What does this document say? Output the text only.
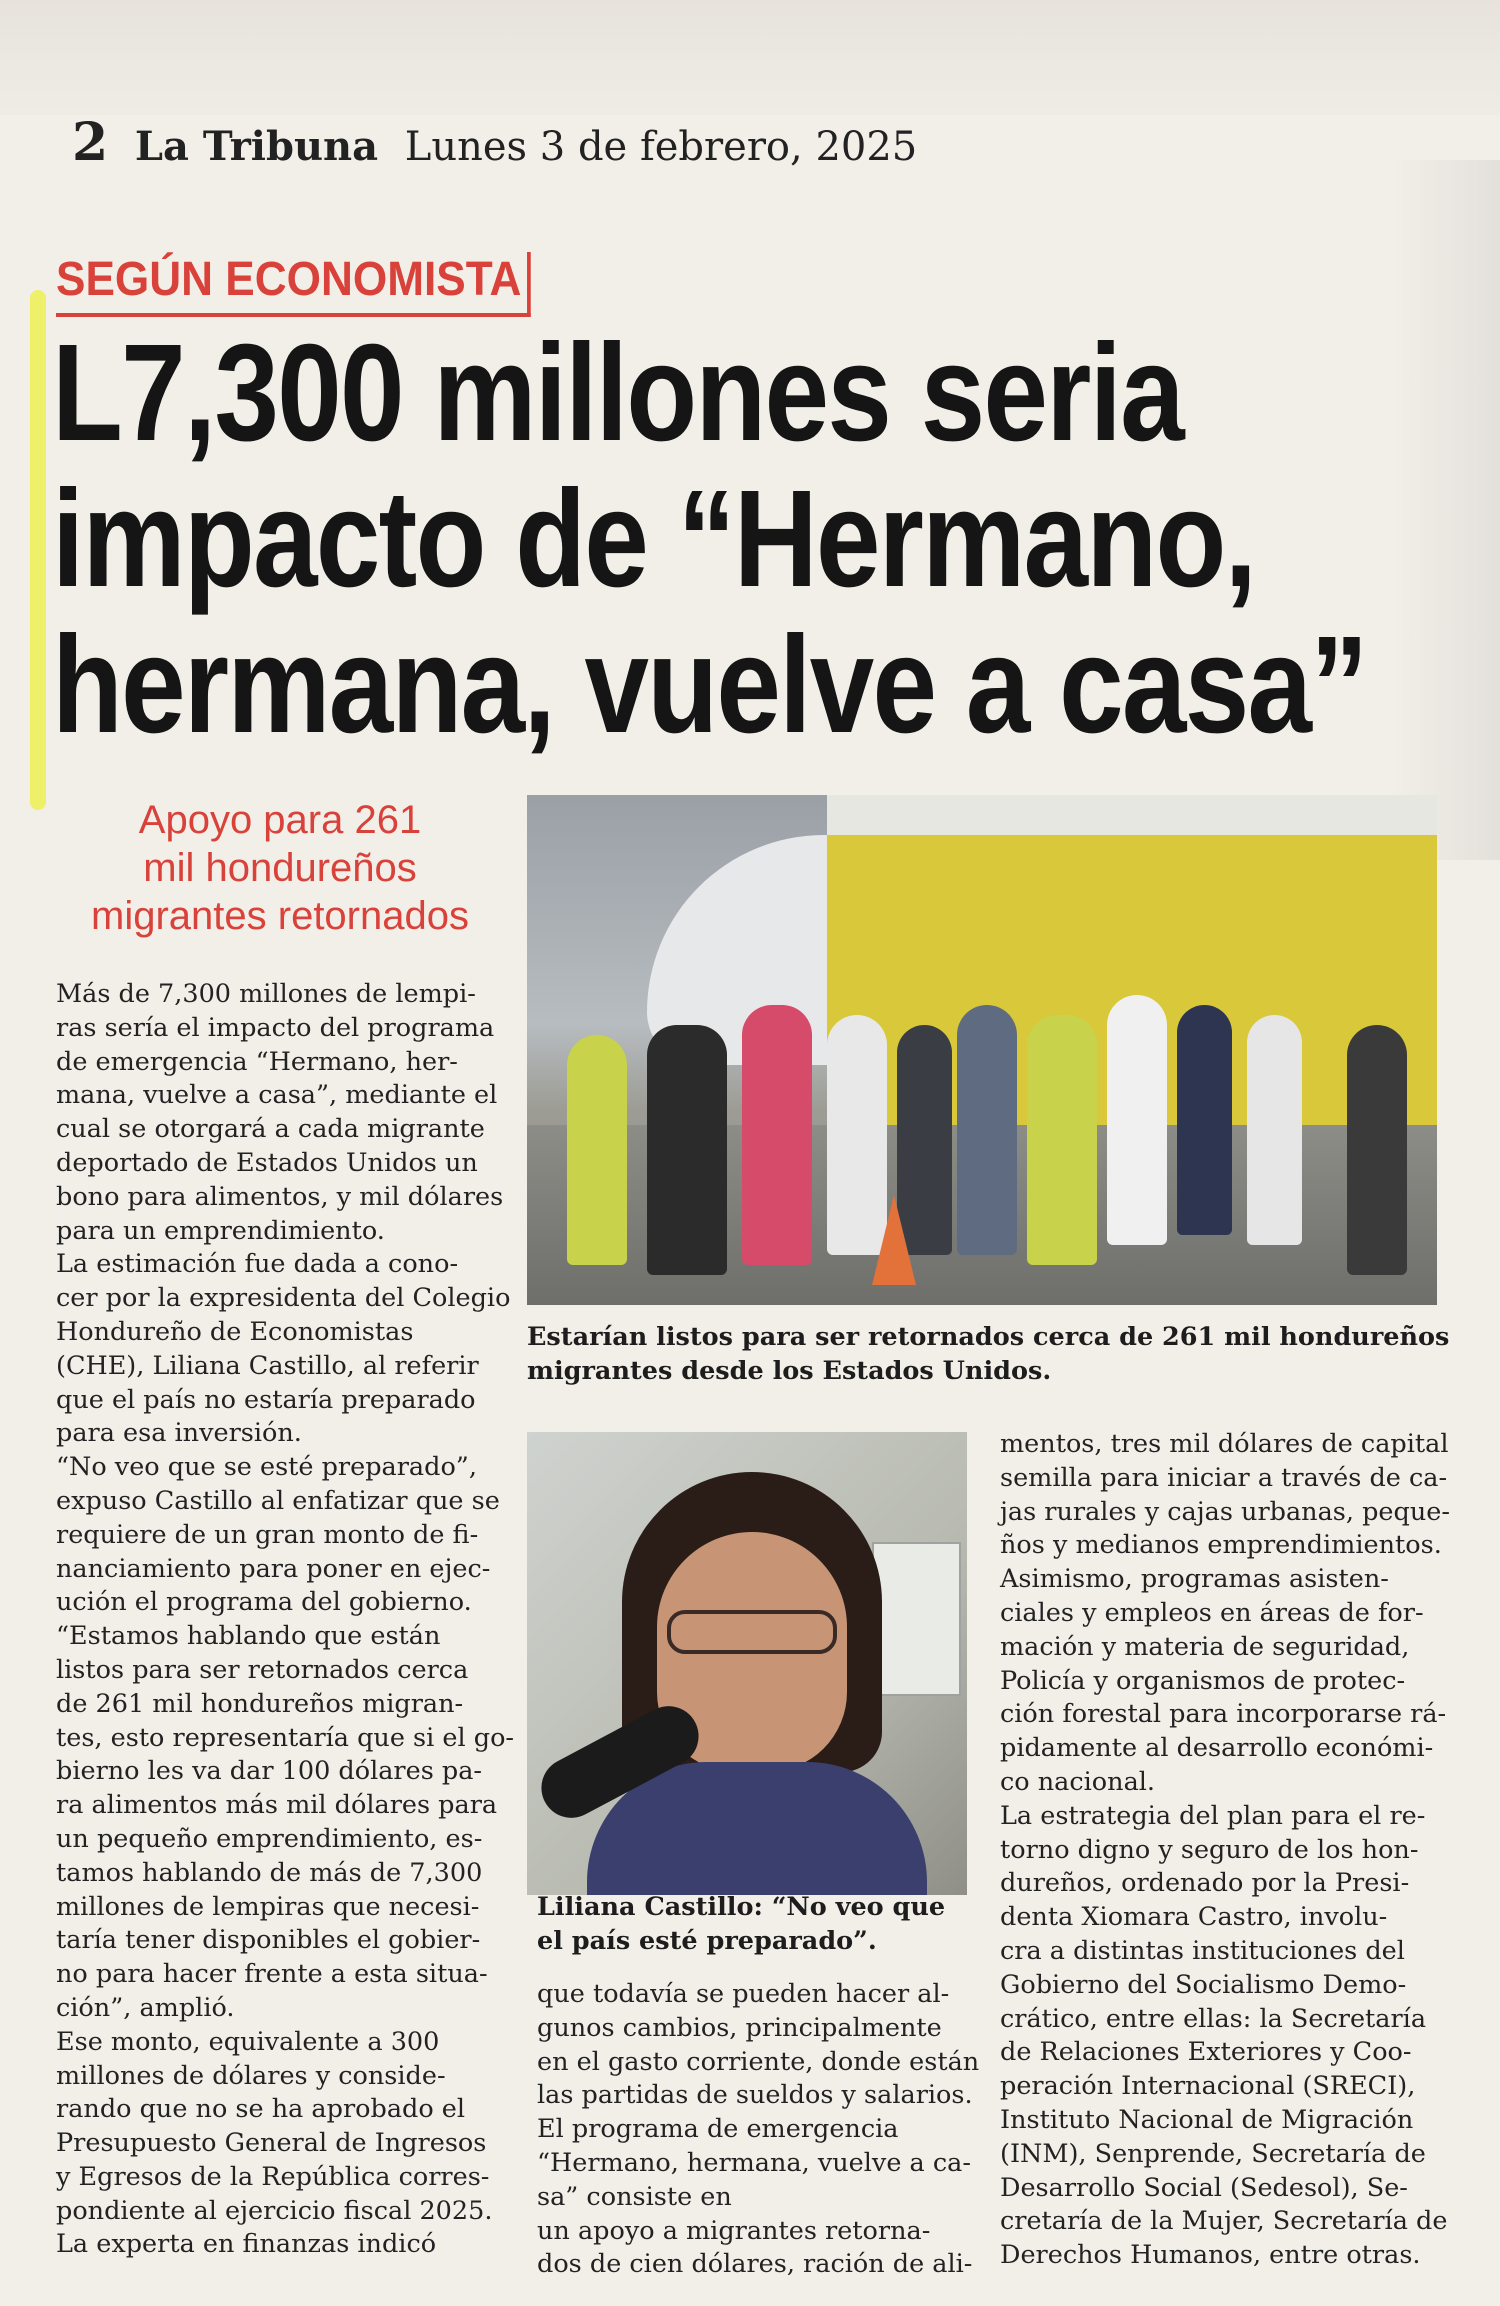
2 La Tribuna Lunes 3 de febrero, 2025
SEGÚN ECONOMISTA
L7,300 millones seria
impacto de “Hermano,
hermana, vuelve a casa”
Apoyo para 261
mil hondureños
migrantes retornados
Más de 7,300 millones de lempi-
ras sería el impacto del programa
de emergencia “Hermano, her-
mana, vuelve a casa”, mediante el
cual se otorgará a cada migrante
deportado de Estados Unidos un
bono para alimentos, y mil dólares
para un emprendimiento.
La estimación fue dada a cono-
cer por la expresidenta del Colegio
Hondureño de Economistas
(CHE), Liliana Castillo, al referir
que el país no estaría preparado
para esa inversión.
“No veo que se esté preparado”,
expuso Castillo al enfatizar que se
requiere de un gran monto de fi-
nanciamiento para poner en ejec-
ución el programa del gobierno.
“Estamos hablando que están
listos para ser retornados cerca
de 261 mil hondureños migran-
tes, esto representaría que si el go-
bierno les va dar 100 dólares pa-
ra alimentos más mil dólares para
un pequeño emprendimiento, es-
tamos hablando de más de 7,300
millones de lempiras que necesi-
taría tener disponibles el gobier-
no para hacer frente a esta situa-
ción”, amplió.
Ese monto, equivalente a 300
millones de dólares y conside-
rando que no se ha aprobado el
Presupuesto General de Ingresos
y Egresos de la República corres-
pondiente al ejercicio fiscal 2025.
La experta en finanzas indicó
Estarían listos para ser retornados cerca de 261 mil hondureños
migrantes desde los Estados Unidos.
Liliana Castillo: “No veo que
el país esté preparado”.
que todavía se pueden hacer al-
gunos cambios, principalmente
en el gasto corriente, donde están
las partidas de sueldos y salarios.
El programa de emergencia
“Hermano, hermana, vuelve a ca-
sa” consiste en
un apoyo a migrantes retorna-
dos de cien dólares, ración de ali-
mentos, tres mil dólares de capital
semilla para iniciar a través de ca-
jas rurales y cajas urbanas, peque-
ños y medianos emprendimientos.
Asimismo, programas asisten-
ciales y empleos en áreas de for-
mación y materia de seguridad,
Policía y organismos de protec-
ción forestal para incorporarse rá-
pidamente al desarrollo económi-
co nacional.
La estrategia del plan para el re-
torno digno y seguro de los hon-
dureños, ordenado por la Presi-
denta Xiomara Castro, involu-
cra a distintas instituciones del
Gobierno del Socialismo Demo-
crático, entre ellas: la Secretaría
de Relaciones Exteriores y Coo-
peración Internacional (SRECI),
Instituto Nacional de Migración
(INM), Senprende, Secretaría de
Desarrollo Social (Sedesol), Se-
cretaría de la Mujer, Secretaría de
Derechos Humanos, entre otras.
